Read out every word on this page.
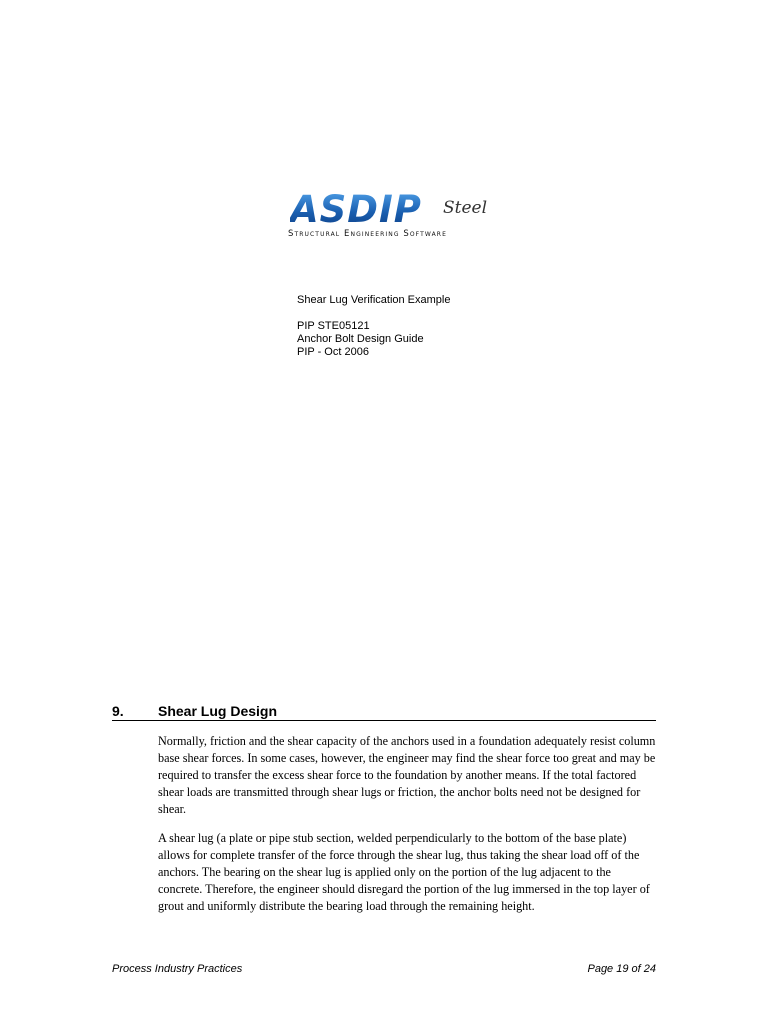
ASDIP Steel
Structural Engineering Software
Shear Lug Verification Example
PIP STE05121
Anchor Bolt Design Guide
PIP - Oct 2006
9. Shear Lug Design

Normally, friction and the shear capacity of the anchors used in a foundation adequately resist column base shear forces. In some cases, however, the engineer may find the shear force too great and may be required to transfer the excess shear force to the foundation by another means. If the total factored shear loads are transmitted through shear lugs or friction, the anchor bolts need not be designed for shear.

A shear lug (a plate or pipe stub section, welded perpendicularly to the bottom of the base plate) allows for complete transfer of the force through the shear lug, thus taking the shear load off of the anchors. The bearing on the shear lug is applied only on the portion of the lug adjacent to the concrete. Therefore, the engineer should disregard the portion of the lug immersed in the top layer of grout and uniformly distribute the bearing load through the remaining height.

Process Industry Practices	Page 19 of 24
